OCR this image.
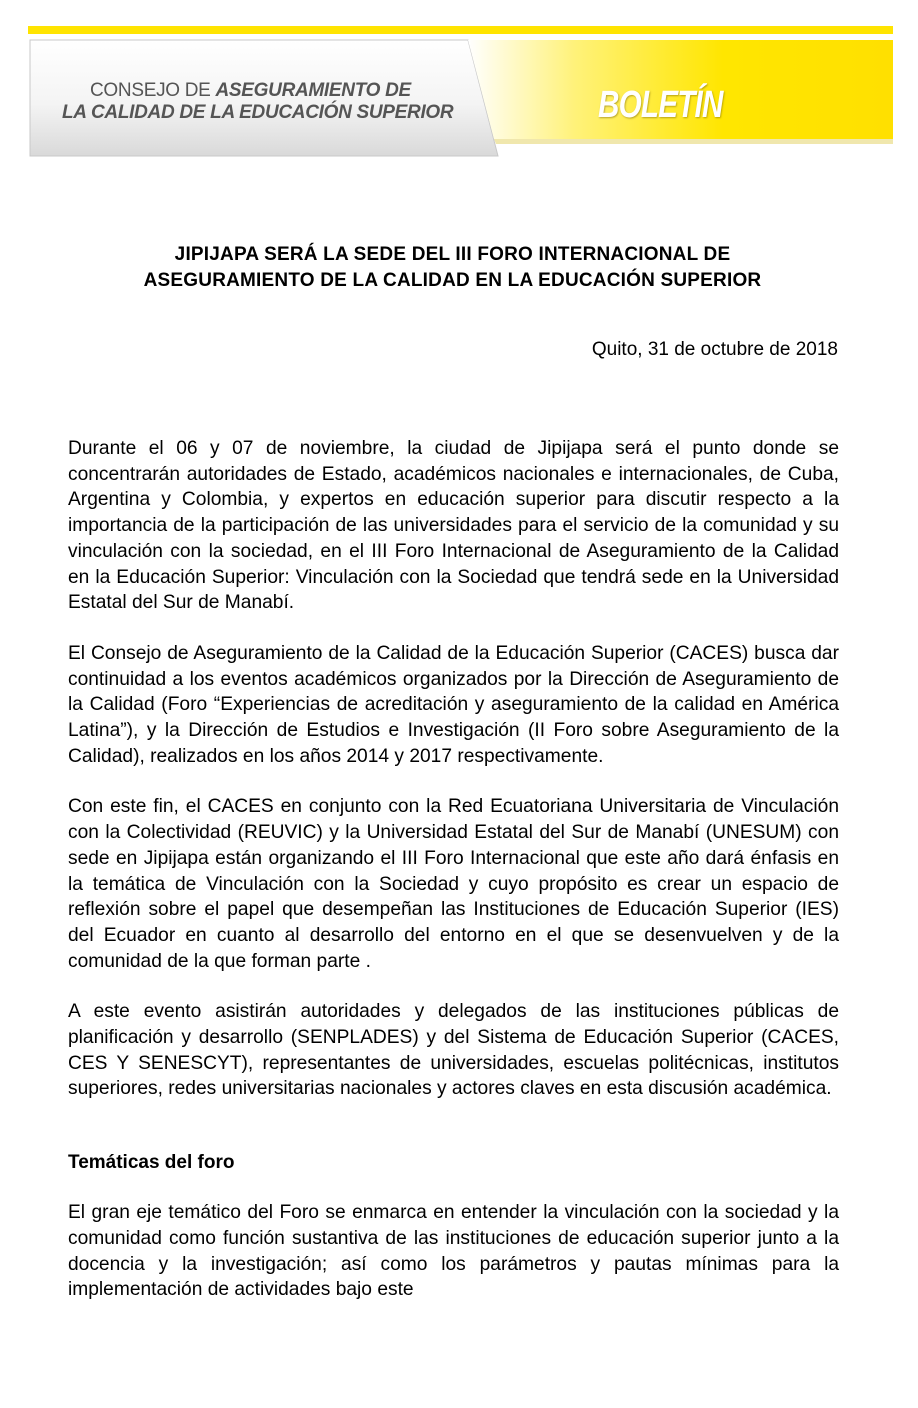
CONSEJO DE ASEGURAMIENTO DE
LA CALIDAD DE LA EDUCACIÓN SUPERIOR	BOLETÍN
JIPIJAPA SERÁ LA SEDE DEL III FORO INTERNACIONAL DE
ASEGURAMIENTO DE LA CALIDAD EN LA EDUCACIÓN SUPERIOR
Quito, 31 de octubre de 2018

Durante el 06 y 07 de noviembre, la ciudad de Jipijapa será el punto donde se concentrarán autoridades de Estado, académicos nacionales e internacionales, de Cuba, Argentina y Colombia, y expertos en educación superior para discutir respecto a la importancia de la participación de las universidades para el servicio de la comunidad y su vinculación con la sociedad, en el III Foro Internacional de Aseguramiento de la Calidad en la Educación Superior: Vinculación con la Sociedad que tendrá sede en la Universidad Estatal del Sur de Manabí.

El Consejo de Aseguramiento de la Calidad de la Educación Superior (CACES) busca dar continuidad a los eventos académicos organizados por la Dirección de Aseguramiento de la Calidad (Foro “Experiencias de acreditación y aseguramiento de la calidad en América Latina”), y la Dirección de Estudios e Investigación (II Foro sobre Aseguramiento de la Calidad), realizados en los años 2014 y 2017 respectivamente.

Con este fin, el CACES en conjunto con la Red Ecuatoriana Universitaria de Vinculación con la Colectividad (REUVIC) y la Universidad Estatal del Sur de Manabí (UNESUM) con sede en Jipijapa están organizando el III Foro Internacional que este año dará énfasis en la temática de Vinculación con la Sociedad y cuyo propósito es crear un espacio de reflexión sobre el papel que desempeñan las Instituciones de Educación Superior (IES) del Ecuador en cuanto al desarrollo del entorno en el que se desenvuelven y de la comunidad de la que forman parte .

A este evento asistirán autoridades y delegados de las instituciones públicas de planificación y desarrollo (SENPLADES) y del Sistema de Educación Superior (CACES, CES Y SENESCYT), representantes de universidades, escuelas politécnicas, institutos superiores, redes universitarias nacionales y actores claves en esta discusión académica.

Temáticas del foro

El gran eje temático del Foro se enmarca en entender la vinculación con la sociedad y la comunidad como función sustantiva de las instituciones de educación superior junto a la docencia y la investigación; así como los parámetros y pautas mínimas para la implementación de actividades bajo este
